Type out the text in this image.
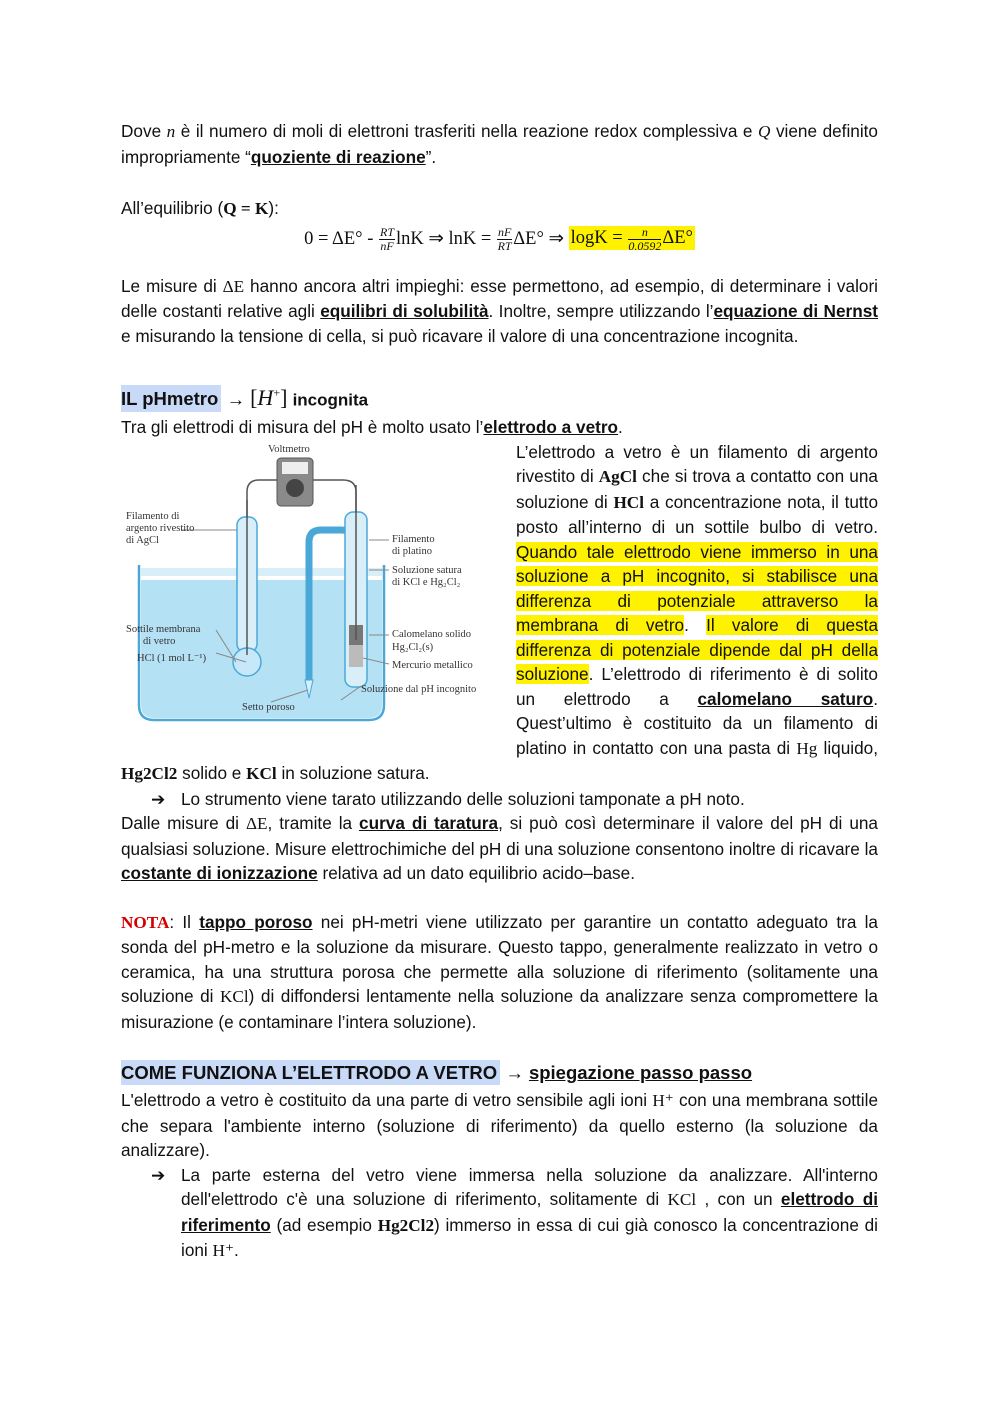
Dove n è il numero di moli di elettroni trasferiti nella reazione redox complessiva e Q viene definito impropriamente “quoziente di reazione”.

All’equilibrio (Q = K):

$0 = \Delta E^\circ - \frac{RT}{nF}$ lnK ⇒ $\ln K = \frac{nF}{RT} \Delta E^\circ$ ⇒ $\log K = \frac{n}{0.0592} \Delta E^\circ$

Le misure di ΔE hanno ancora altri impieghi: esse permettono, ad esempio, di determinare i valori delle costanti relative agli equilibri di solubilità. Inoltre, sempre utilizzando l’equazione di Nernst e misurando la tensione di cella, si può ricavare il valore di una concentrazione incognita.

IL pHmetro → [H+] incognita

Tra gli elettrodi di misura del pH è molto usato l’elettrodo a vetro.

Voltmetro
Filamento di
argento rivestito
di AgCl	Filamento
di platino
Soluzione satura
di KCl e Hg₂Cl₂
Sottile membrana
di vetro
HCl (1 mol L⁻¹)
Calomelano solido
Hg₂Cl₂(s)
Mercurio metallico
Soluzione dal pH incognito
Setto poroso

L’elettrodo a vetro è un filamento di argento rivestito di AgCl che si trova a contatto con una soluzione di HCl a concentrazione nota, il tutto posto all’interno di un sottile bulbo di vetro. Quando tale elettrodo viene immerso in una soluzione a pH incognito, si stabilisce una differenza di potenziale attraverso la membrana di vetro. Il valore di questa differenza di potenziale dipende dal pH della soluzione. L’elettrodo di riferimento è di solito un elettrodo a calomelano saturo. Quest’ultimo è costituito da un filamento di platino in contatto con una pasta di Hg liquido, Hg2Cl2 solido e KCl in soluzione satura.

➔ Lo strumento viene tarato utilizzando delle soluzioni tamponate a pH noto.

Dalle misure di ΔE, tramite la curva di taratura, si può così determinare il valore del pH di una qualsiasi soluzione. Misure elettrochimiche del pH di una soluzione consentono inoltre di ricavare la costante di ionizzazione relativa ad un dato equilibrio acido–base.

NOTA: Il tappo poroso nei pH-metri viene utilizzato per garantire un contatto adeguato tra la sonda del pH-metro e la soluzione da misurare. Questo tappo, generalmente realizzato in vetro o ceramica, ha una struttura porosa che permette alla soluzione di riferimento (solitamente una soluzione di KCl) di diffondersi lentamente nella soluzione da analizzare senza compromettere la misurazione (e contaminare l’intera soluzione).

COME FUNZIONA L’ELETTRODO A VETRO → spiegazione passo passo

L'elettrodo a vetro è costituito da una parte di vetro sensibile agli ioni H⁺ con una membrana sottile che separa l'ambiente interno (soluzione di riferimento) da quello esterno (la soluzione da analizzare).

➔ La parte esterna del vetro viene immersa nella soluzione da analizzare. All'interno dell'elettrodo c'è una soluzione di riferimento, solitamente di KCl , con un elettrodo di riferimento (ad esempio Hg2Cl2) immerso in essa di cui già conosco la concentrazione di ioni H⁺.
